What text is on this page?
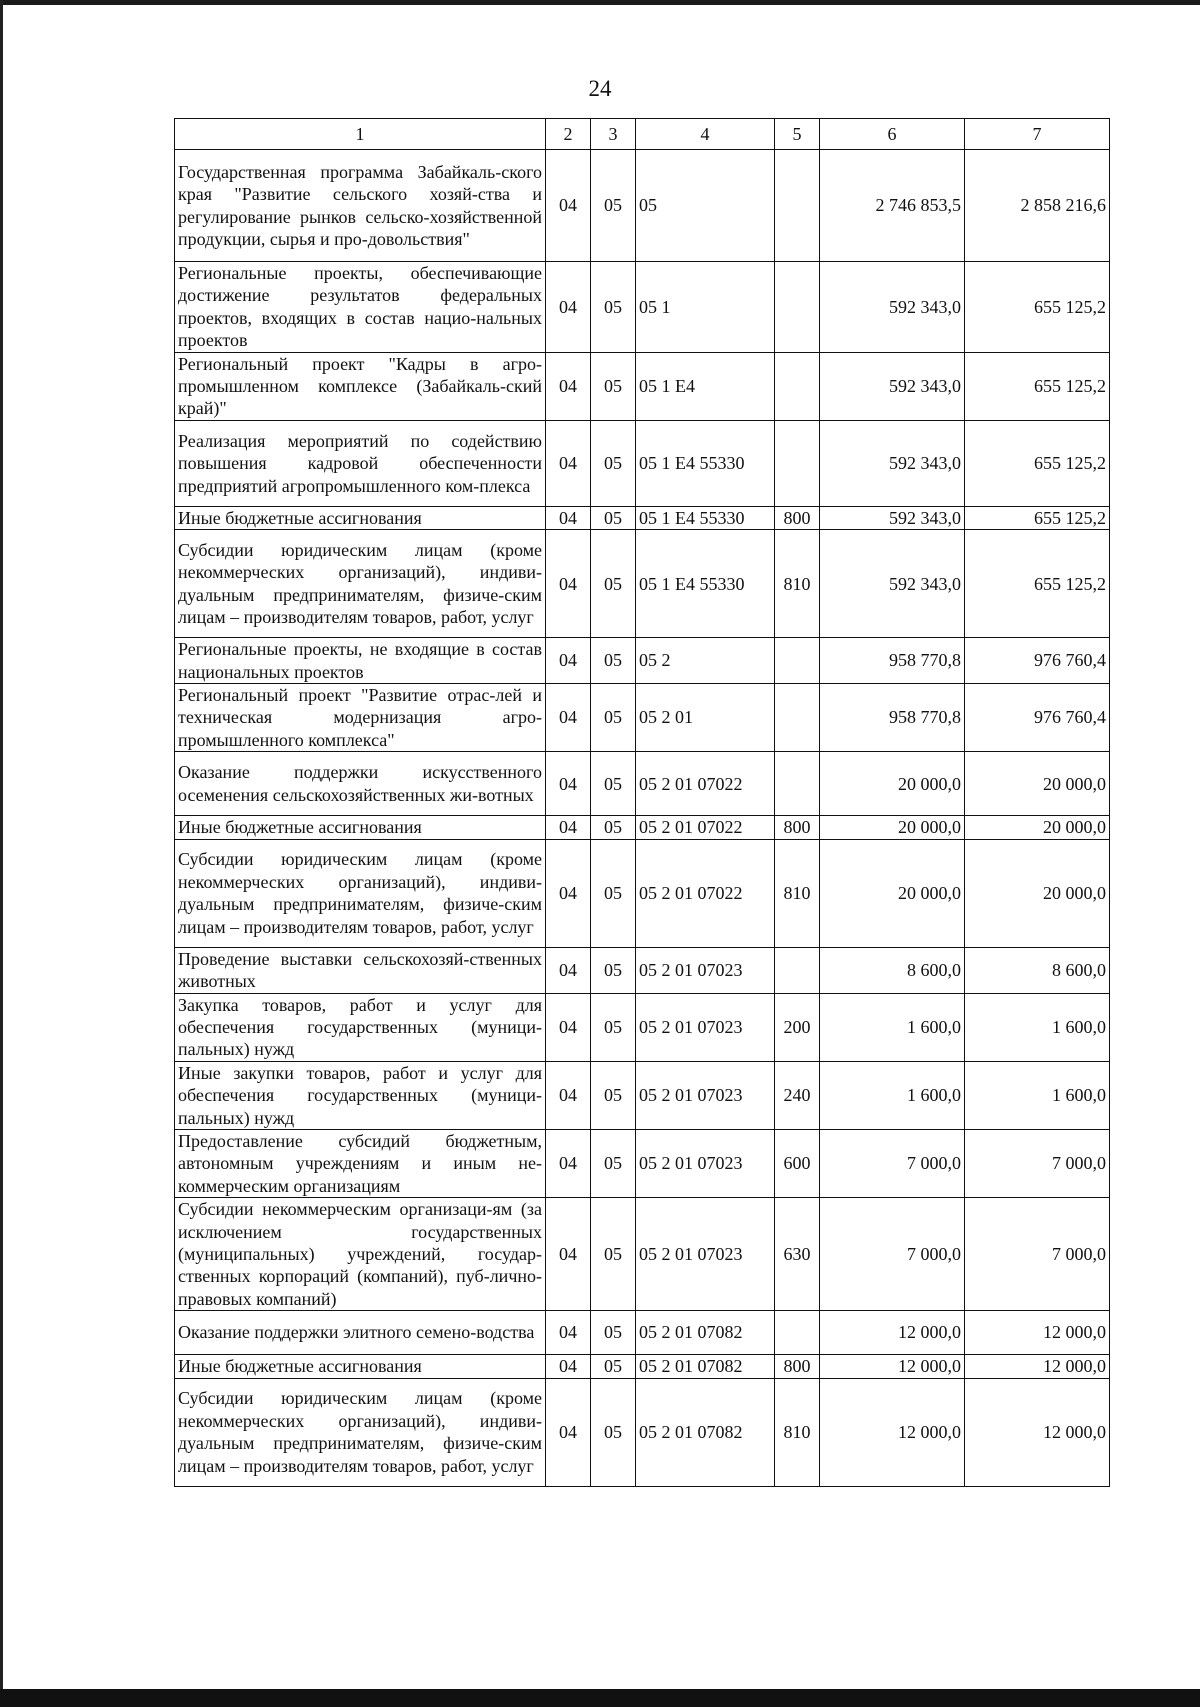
24
1	2	3	4	5	6	7
Государственная программа Забайкаль-ского края "Развитие сельского хозяй-ства и регулирование рынков сельско-хозяйственной продукции, сырья и про-довольствия"	04	05	05		2 746 853,5	2 858 216,6
Региональные проекты, обеспечивающие достижение результатов федеральных проектов, входящих в состав нацио-нальных проектов	04	05	05 1		592 343,0	655 125,2
Региональный проект "Кадры в агро-промышленном комплексе (Забайкаль-ский край)"	04	05	05 1 Е4		592 343,0	655 125,2
Реализация мероприятий по содействию повышения кадровой обеспеченности предприятий агропромышленного ком-плекса	04	05	05 1 Е4 55330		592 343,0	655 125,2
Иные бюджетные ассигнования	04	05	05 1 Е4 55330	800	592 343,0	655 125,2
Субсидии юридическим лицам (кроме некоммерческих организаций), индиви-дуальным предпринимателям, физиче-ским лицам – производителям товаров, работ, услуг	04	05	05 1 Е4 55330	810	592 343,0	655 125,2
Региональные проекты, не входящие в состав национальных проектов	04	05	05 2		958 770,8	976 760,4
Региональный проект "Развитие отрас-лей и техническая модернизация агро-промышленного комплекса"	04	05	05 2 01		958 770,8	976 760,4
Оказание поддержки искусственного осеменения сельскохозяйственных жи-вотных	04	05	05 2 01 07022		20 000,0	20 000,0
Иные бюджетные ассигнования	04	05	05 2 01 07022	800	20 000,0	20 000,0
Субсидии юридическим лицам (кроме некоммерческих организаций), индиви-дуальным предпринимателям, физиче-ским лицам – производителям товаров, работ, услуг	04	05	05 2 01 07022	810	20 000,0	20 000,0
Проведение выставки сельскохозяй-ственных животных	04	05	05 2 01 07023		8 600,0	8 600,0
Закупка товаров, работ и услуг для обеспечения государственных (муници-пальных) нужд	04	05	05 2 01 07023	200	1 600,0	1 600,0
Иные закупки товаров, работ и услуг для обеспечения государственных (муници-пальных) нужд	04	05	05 2 01 07023	240	1 600,0	1 600,0
Предоставление субсидий бюджетным, автономным учреждениям и иным не-коммерческим организациям	04	05	05 2 01 07023	600	7 000,0	7 000,0
Субсидии некоммерческим организаци-ям (за исключением государственных (муниципальных) учреждений, государ-ственных корпораций (компаний), пуб-лично-правовых компаний)	04	05	05 2 01 07023	630	7 000,0	7 000,0
Оказание поддержки элитного семено-водства	04	05	05 2 01 07082		12 000,0	12 000,0
Иные бюджетные ассигнования	04	05	05 2 01 07082	800	12 000,0	12 000,0
Субсидии юридическим лицам (кроме некоммерческих организаций), индиви-дуальным предпринимателям, физиче-ским лицам – производителям товаров, работ, услуг	04	05	05 2 01 07082	810	12 000,0	12 000,0
